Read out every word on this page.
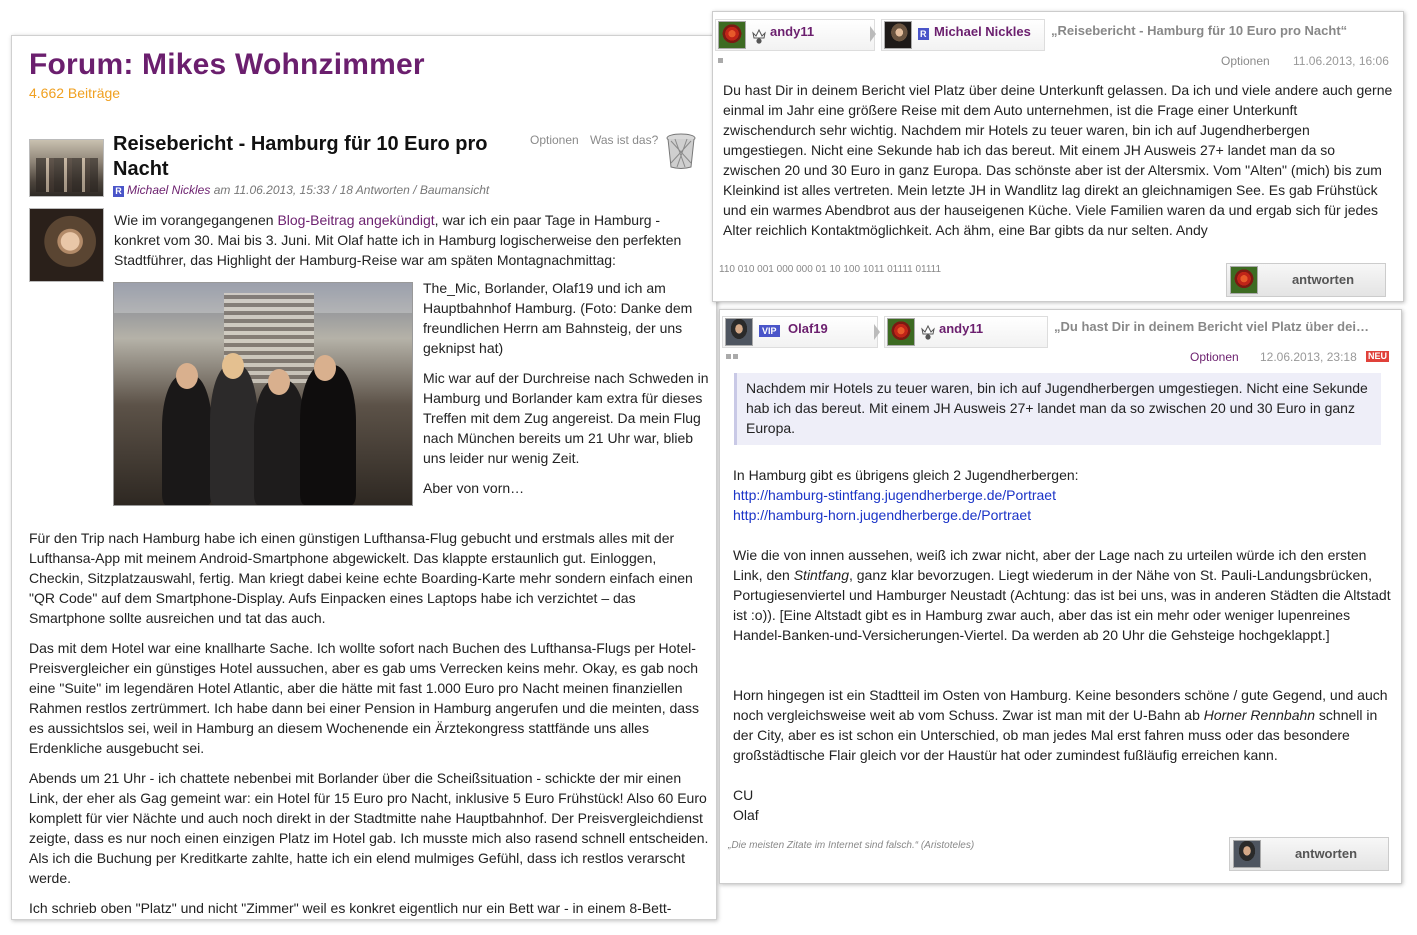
Forum: Mikes Wohnzimmer
4.662 Beiträge
Reisebericht - Hamburg für 10 Euro pro Nacht
Optionen Was ist das?
R Michael Nickles am 11.06.2013, 15:33 / 18 Antworten / Baumansicht
Wie im vorangegangenen Blog-Beitrag angekündigt, war ich ein paar Tage in Hamburg - konkret vom 30. Mai bis 3. Juni. Mit Olaf hatte ich in Hamburg logischerweise den perfekten Stadtführer, das Highlight der Hamburg-Reise war am späten Montagnachmittag:
The_Mic, Borlander, Olaf19 und ich am Hauptbahnhof Hamburg. (Foto: Danke dem freundlichen Herrn am Bahnsteig, der uns geknipst hat)
Mic war auf der Durchreise nach Schweden in Hamburg und Borlander kam extra für dieses Treffen mit dem Zug angereist. Da mein Flug nach München bereits um 21 Uhr war, blieb uns leider nur wenig Zeit.
Aber von vorn…
Für den Trip nach Hamburg habe ich einen günstigen Lufthansa-Flug gebucht und erstmals alles mit der Lufthansa-App mit meinem Android-Smartphone abgewickelt. Das klappte erstaunlich gut. Einloggen, Checkin, Sitzplatzauswahl, fertig. Man kriegt dabei keine echte Boarding-Karte mehr sondern einfach einen "QR Code" auf dem Smartphone-Display. Aufs Einpacken eines Laptops habe ich verzichtet – das Smartphone sollte ausreichen und tat das auch.
Das mit dem Hotel war eine knallharte Sache. Ich wollte sofort nach Buchen des Lufthansa-Flugs per Hotel-Preisvergleicher ein günstiges Hotel aussuchen, aber es gab ums Verrecken keins mehr. Okay, es gab noch eine "Suite" im legendären Hotel Atlantic, aber die hätte mit fast 1.000 Euro pro Nacht meinen finanziellen Rahmen restlos zertrümmert. Ich habe dann bei einer Pension in Hamburg angerufen und die meinten, dass es aussichtslos sei, weil in Hamburg an diesem Wochenende ein Ärztekongress stattfände uns alles Erdenkliche ausgebucht sei.
Abends um 21 Uhr - ich chattete nebenbei mit Borlander über die Scheißsituation - schickte der mir einen Link, der eher als Gag gemeint war: ein Hotel für 15 Euro pro Nacht, inklusive 5 Euro Frühstück! Also 60 Euro komplett für vier Nächte und auch noch direkt in der Stadtmitte nahe Hauptbahnhof. Der Preisvergleichdienst zeigte, dass es nur noch einen einzigen Platz im Hotel gab. Ich musste mich also rasend schnell entscheiden. Als ich die Buchung per Kreditkarte zahlte, hatte ich ein elend mulmiges Gefühl, dass ich restlos verarscht werde.
Ich schrieb oben "Platz" und nicht "Zimmer" weil es konkret eigentlich nur ein Bett war - in einem 8-Bett-
andy11	R Michael Nickles „Reisebericht - Hamburg für 10 Euro pro Nacht“
Optionen 11.06.2013, 16:06
Du hast Dir in deinem Bericht viel Platz über deine Unterkunft gelassen. Da ich und viele andere auch gerne einmal im Jahr eine größere Reise mit dem Auto unternehmen, ist die Frage einer Unterkunft zwischendurch sehr wichtig. Nachdem mir Hotels zu teuer waren, bin ich auf Jugendherbergen umgestiegen. Nicht eine Sekunde hab ich das bereut. Mit einem JH Ausweis 27+ landet man da so zwischen 20 und 30 Euro in ganz Europa. Das schönste aber ist der Altersmix. Vom "Alten" (mich) bis zum Kleinkind ist alles vertreten. Mein letzte JH in Wandlitz lag direkt an gleichnamigen See. Es gab Frühstück und ein warmes Abendbrot aus der hauseigenen Küche. Viele Familien waren da und ergab sich für jedes Alter reichlich Kontaktmöglichkeit. Ach ähm, eine Bar gibts da nur selten. Andy
110 010 001 000 000 01 10 100 1011 01111 01111
antworten
VIP Olaf19	andy11	„Du hast Dir in deinem Bericht viel Platz über dei…
Optionen 12.06.2013, 23:18 NEU
Nachdem mir Hotels zu teuer waren, bin ich auf Jugendherbergen umgestiegen. Nicht eine Sekunde hab ich das bereut. Mit einem JH Ausweis 27+ landet man da so zwischen 20 und 30 Euro in ganz Europa.
In Hamburg gibt es übrigens gleich 2 Jugendherbergen:
http://hamburg-stintfang.jugendherberge.de/Portraet
http://hamburg-horn.jugendherberge.de/Portraet
Wie die von innen aussehen, weiß ich zwar nicht, aber der Lage nach zu urteilen würde ich den ersten Link, den Stintfang, ganz klar bevorzugen. Liegt wiederum in der Nähe von St. Pauli-Landungsbrücken, Portugiesenviertel und Hamburger Neustadt (Achtung: das ist bei uns, was in anderen Städten die Altstadt ist :o)). [Eine Altstadt gibt es in Hamburg zwar auch, aber das ist ein mehr oder weniger lupenreines Handel-Banken-und-Versicherungen-Viertel. Da werden ab 20 Uhr die Gehsteige hochgeklappt.]
Horn hingegen ist ein Stadtteil im Osten von Hamburg. Keine besonders schöne / gute Gegend, und auch noch vergleichsweise weit ab vom Schuss. Zwar ist man mit der U-Bahn ab Horner Rennbahn schnell in der City, aber es ist schon ein Unterschied, ob man jedes Mal erst fahren muss oder das besondere großstädtische Flair gleich vor der Haustür hat oder zumindest fußläufig erreichen kann.
CU
Olaf
„Die meisten Zitate im Internet sind falsch.“ (Aristoteles)
antworten
